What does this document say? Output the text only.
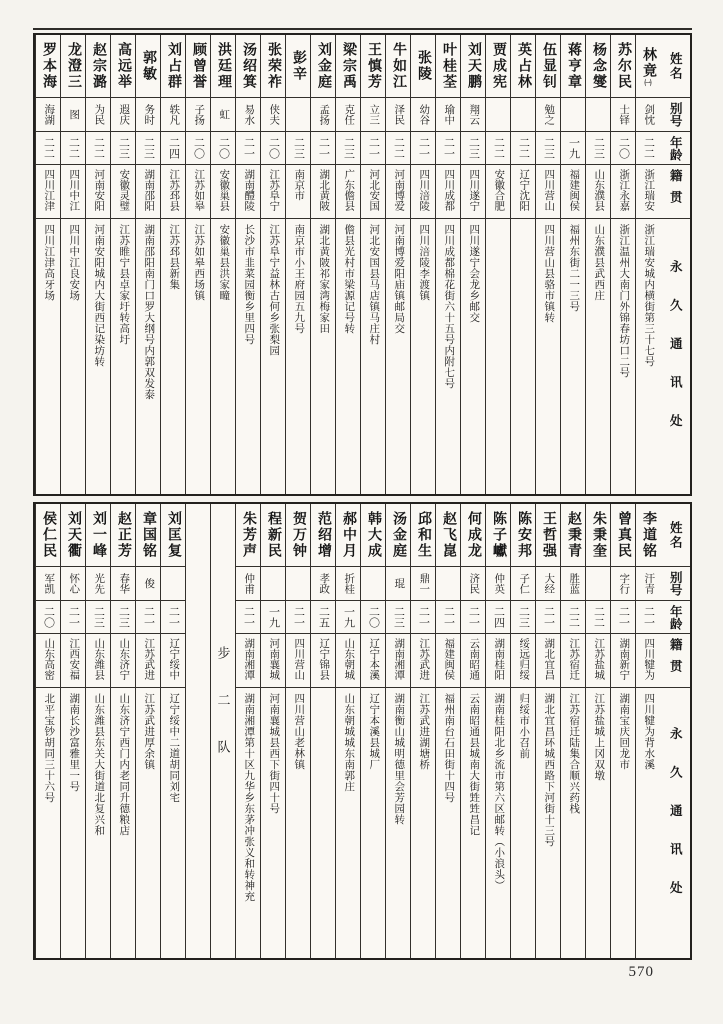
姓名
别号
年龄
籍贯
永久通讯处
林竟㈠
剑忱
二二
浙江瑞安
浙江瑞安城内横街第三十七号
苏尔民
士铎
二〇
浙江永嘉
浙江温州大南门外锦春坊口二号
杨念燮
二三
山东濮县
山东濮县武西庄
蒋亨章
一九
福建闽侯
福州东街二一三号
伍显钊
勉之
二三
四川营山
四川营山县骆市镇转
英占林
二二
辽宁沈阳
贾成宪
二二
安徽合肥
刘天鹏
翔云
二三
四川遂宁
四川遂宁会龙乡邮交
叶桂荃
瑜中
二一
四川成都
四川成都棉花街六十五号内附七号
张陵
幼谷
二一
四川涪陵
四川涪陵李渡镇
牛如江
泽民
二二
河南博爱
河南博爱阳庙镇邮局交
王慎芳
立三
二一
河北安国
河北安国县马店镇马庄村
梁宗禹
克任
二三
广东儋县
儋县光村市梁源记号转
刘金庭
孟扬
二一
湖北黄陂
湖北黄陂祁家湾梅家田
彭辛
二三
南京市
南京市小王府园五九号
张荣祚
侠夫
二〇
江苏阜宁
江苏阜宁益林古何乡张梨园
汤绍箕
易水
二一
湖南醴陵
长沙市韭菜园衡乡里四号
洪廷理
虹
二〇
安徽巢县
安徽巢县洪家疃
顾曾誉
子扬
二〇
江苏如皋
江苏如皋西场镇
刘占群
轶凡
二四
江苏邳县
江苏邳县新集
郭敏
务时
二三
湖南邵阳
湖南邵阳南门口罗大纲号内郭双发泰
高远举
遐庆
二三
安徽灵璧
江苏睢宁县卓家圩转高圩
赵宗潞
为民
二二
河南安阳
河南安阳城内大街西记染坊转
龙澄三
图
二二
四川中江
四川中江良安场
罗本海
海湖
二二
四川江津
四川江津高牙场
姓名
别号
年龄
籍贯
永久通讯处
李道铭
汗青
二一
四川犍为
四川犍为背水溪
曾真民
字行
二一
湖南新宁
湖南宝庆回龙市
朱秉奎
二二
江苏盐城
江苏盐城上冈双墩
赵秉青
胜蓝
二二
江苏宿迁
江苏宿迁陆集合顺兴药栈
王哲强
大经
二一
湖北宜昌
湖北宜昌环城西路下河街十三号
陈安邦
子仁
二三
绥远归绥
归绥市小召前
陈子巘
仲英
二四
湖南桂阳
湖南桂阳北乡流市第六区邮转（小浪头）
何成龙
济民
二一
云南昭通
云南昭通县城南大街甡甡昌记
赵飞崑
二一
福建闽侯
福州南台石田街十四号
邱和生
鼎一
二一
江苏武进
江苏武进湖塘桥
汤金庭
琨
二三
湖南湘潭
湖南衡山城明德里会芳园转
韩大成
二〇
辽宁本溪
辽宁本溪县城厂
郝中月
折桂
一九
山东朝城
山东朝城城东南郭庄
范绍增
孝政
二五
辽宁锦县
贺万钟
二一
四川营山
四川营山老林镇
程新民
一九
河南襄城
河南襄城县西下街四十号
朱芳声
仲甫
二一
湖南湘潭
湖南湘潭第十区九华乡东茅冲张义和转神充
步二队
刘匡复
二一
辽宁绥中
辽宁绥中二道胡同刘宅
章国铭
俊
二一
江苏武进
江苏武进厚余镇
赵正芳
春华
二三
山东济宁
山东济宁西门内老同升德粮店
刘一峰
光先
二三
山东潍县
山东潍县东关大街道北复兴和
刘天衢
怀心
二一
江西安福
湖南长沙富雅里一号
侯仁民
军凯
二〇
山东高密
北平宝钞胡同三十六号
570
